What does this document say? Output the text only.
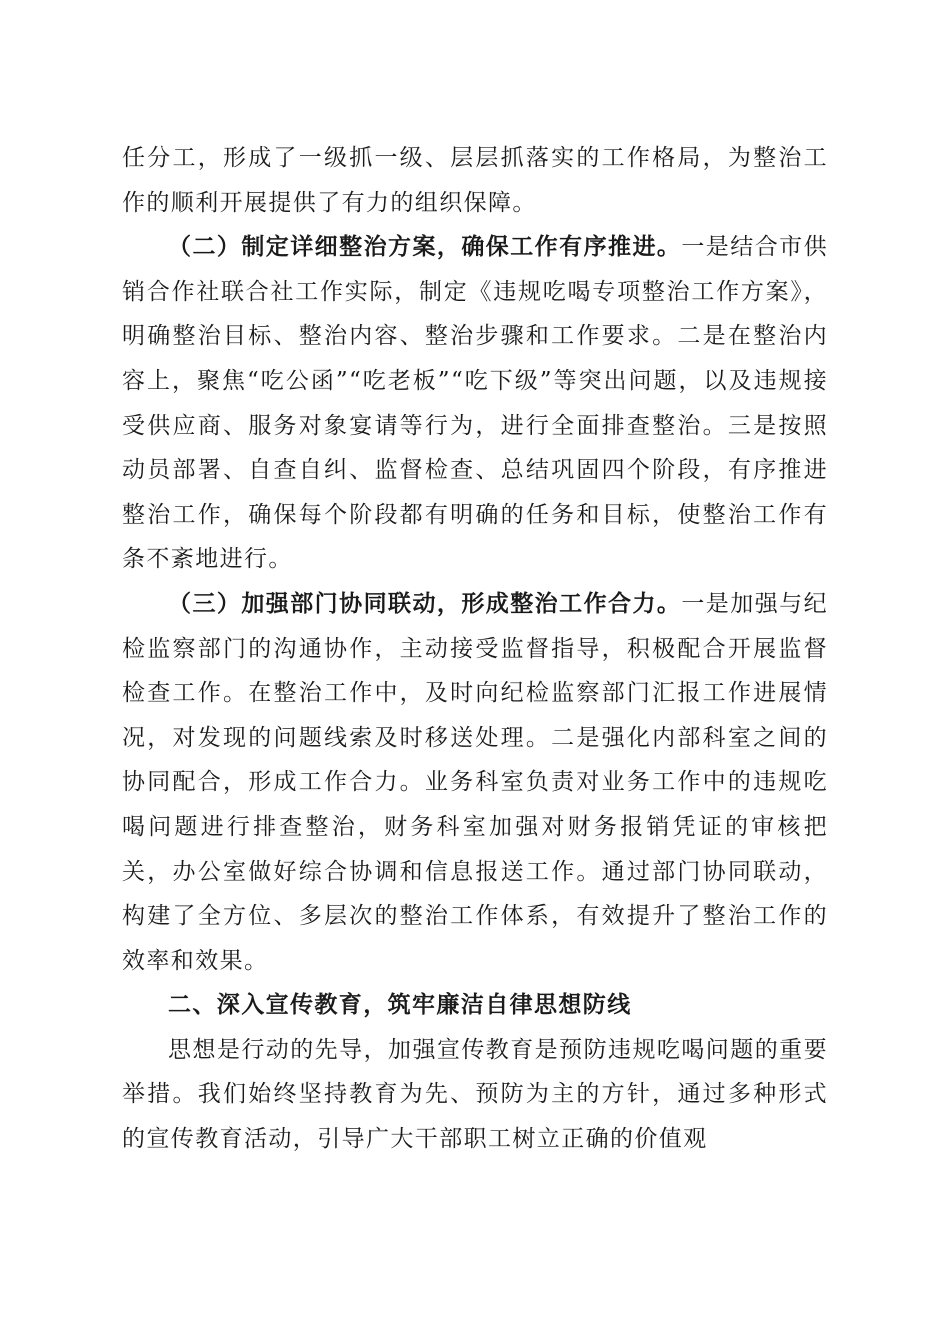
任分工，形成了一级抓一级、层层抓落实的工作格局，为整治工作的顺利开展提供了有力的组织保障。

（二）制定详细整治方案，确保工作有序推进。一是结合市供销合作社联合社工作实际，制定《违规吃喝专项整治工作方案》，明确整治目标、整治内容、整治步骤和工作要求。二是在整治内容上，聚焦“吃公函”“吃老板”“吃下级”等突出问题，以及违规接受供应商、服务对象宴请等行为，进行全面排查整治。三是按照动员部署、自查自纠、监督检查、总结巩固四个阶段，有序推进整治工作，确保每个阶段都有明确的任务和目标，使整治工作有条不紊地进行。

（三）加强部门协同联动，形成整治工作合力。一是加强与纪检监察部门的沟通协作，主动接受监督指导，积极配合开展监督检查工作。在整治工作中，及时向纪检监察部门汇报工作进展情况，对发现的问题线索及时移送处理。二是强化内部科室之间的协同配合，形成工作合力。业务科室负责对业务工作中的违规吃喝问题进行排查整治，财务科室加强对财务报销凭证的审核把关，办公室做好综合协调和信息报送工作。通过部门协同联动，构建了全方位、多层次的整治工作体系，有效提升了整治工作的效率和效果。

二、深入宣传教育，筑牢廉洁自律思想防线

思想是行动的先导，加强宣传教育是预防违规吃喝问题的重要举措。我们始终坚持教育为先、预防为主的方针，通过多种形式的宣传教育活动，引导广大干部职工树立正确的价值观
